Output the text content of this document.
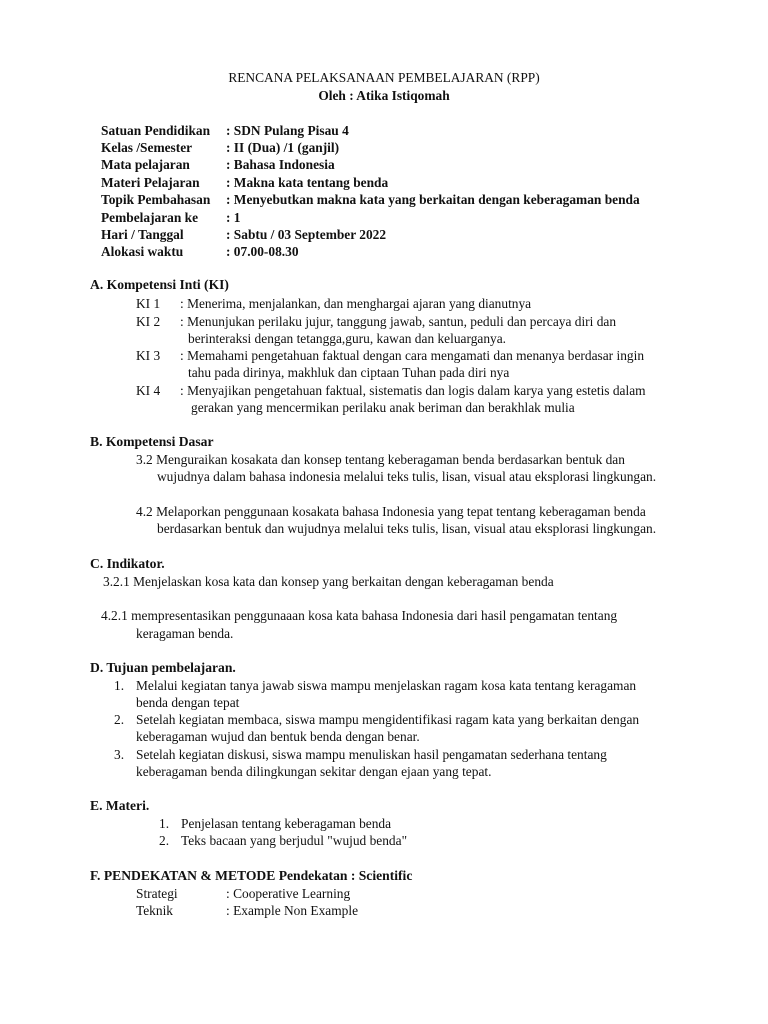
RENCANA PELAKSANAAN PEMBELAJARAN (RPP)
Oleh : Atika Istiqomah
Satuan Pendidikan : SDN Pulang Pisau 4
Kelas /Semester	: II (Dua) /1 (ganjil)
Mata pelajaran	: Bahasa Indonesia
Materi Pelajaran : Makna kata tentang benda
Topik Pembahasan : Menyebutkan makna kata yang berkaitan dengan keberagaman benda
Pembelajaran ke : 1
Hari / Tanggal	: Sabtu / 03 September 2022
Alokasi waktu	: 07.00-08.30
A. Kompetensi Inti (KI)
KI 1 : Menerima, menjalankan, dan menghargai ajaran yang dianutnya
KI 2 : Menunjukan perilaku jujur, tanggung jawab, santun, peduli dan percaya diri dan
berinteraksi dengan tetangga,guru, kawan dan keluarganya.
KI 3 : Memahami pengetahuan faktual dengan cara mengamati dan menanya berdasar ingin
tahu pada dirinya, makhluk dan ciptaan Tuhan pada diri nya
KI 4 : Menyajikan pengetahuan faktual, sistematis dan logis dalam karya yang estetis dalam
gerakan yang mencermikan perilaku anak beriman dan berakhlak mulia
B. Kompetensi Dasar
3.2 Menguraikan kosakata dan konsep tentang keberagaman benda berdasarkan bentuk dan
wujudnya dalam bahasa indonesia melalui teks tulis, lisan, visual atau eksplorasi lingkungan.
4.2 Melaporkan penggunaan kosakata bahasa Indonesia yang tepat tentang keberagaman benda
berdasarkan bentuk dan wujudnya melalui teks tulis, lisan, visual atau eksplorasi lingkungan.
C. Indikator.
3.2.1 Menjelaskan kosa kata dan konsep yang berkaitan dengan keberagaman benda
4.2.1 mempresentasikan penggunaaan kosa kata bahasa Indonesia dari hasil pengamatan tentang
keragaman benda.
D. Tujuan pembelajaran.
1. Melalui kegiatan tanya jawab siswa mampu menjelaskan ragam kosa kata tentang keragaman
benda dengan tepat
2. Setelah kegiatan membaca, siswa mampu mengidentifikasi ragam kata yang berkaitan dengan
keberagaman wujud dan bentuk benda dengan benar.
3. Setelah kegiatan diskusi, siswa mampu menuliskan hasil pengamatan sederhana tentang
keberagaman benda dilingkungan sekitar dengan ejaan yang tepat.
E. Materi.
1. Penjelasan tentang keberagaman benda
2. Teks bacaan yang berjudul "wujud benda"
F. PENDEKATAN & METODE Pendekatan : Scientific
Strategi	: Cooperative Learning
Teknik	: Example Non Example
